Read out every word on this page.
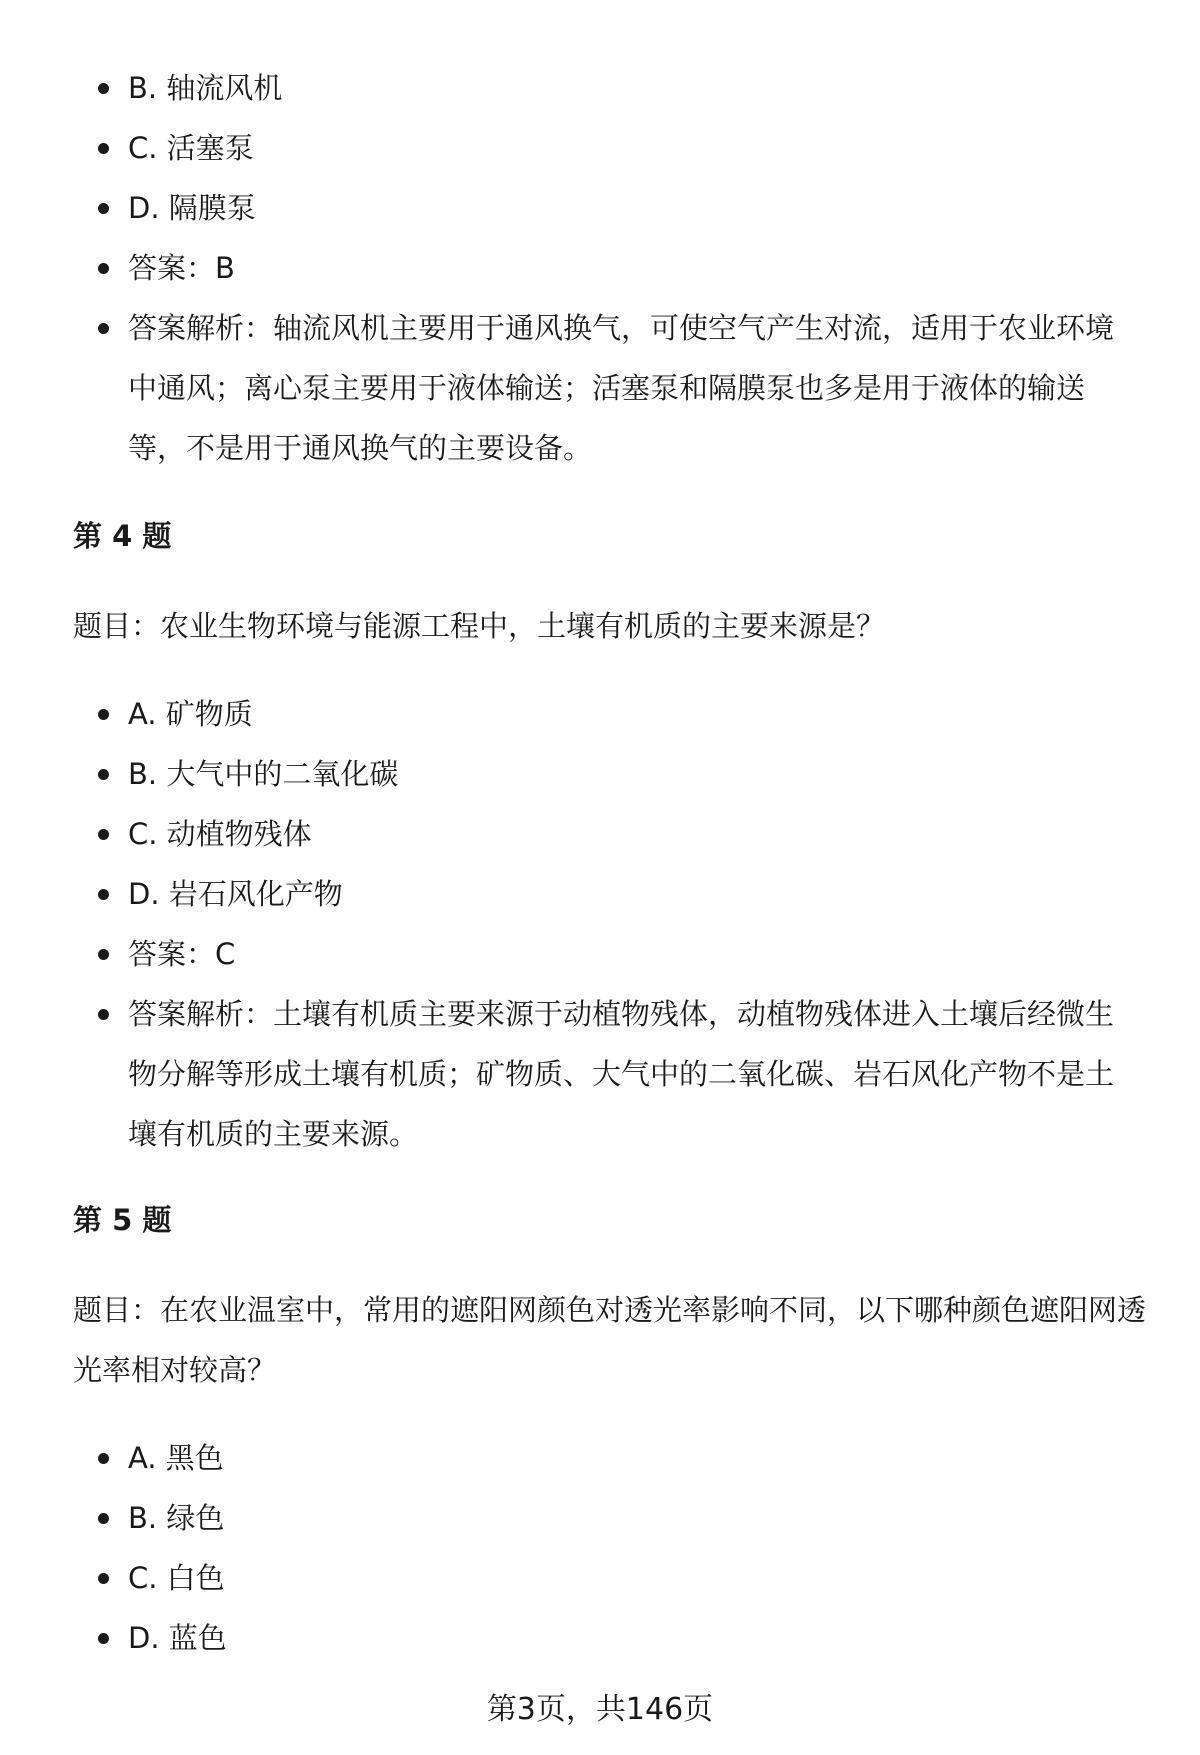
B. 轴流风机
C. 活塞泵
D. 隔膜泵
答案：B
答案解析：轴流风机主要用于通风换气，可使空气产生对流，适用于农业环境中通风；离心泵主要用于液体输送；活塞泵和隔膜泵也多是用于液体的输送等，不是用于通风换气的主要设备。
第 4 题
题目：农业生物环境与能源工程中，土壤有机质的主要来源是？
A. 矿物质
B. 大气中的二氧化碳
C. 动植物残体
D. 岩石风化产物
答案：C
答案解析：土壤有机质主要来源于动植物残体，动植物残体进入土壤后经微生物分解等形成土壤有机质；矿物质、大气中的二氧化碳、岩石风化产物不是土壤有机质的主要来源。
第 5 题
题目：在农业温室中，常用的遮阳网颜色对透光率影响不同，以下哪种颜色遮阳网透光率相对较高？
A. 黑色
B. 绿色
C. 白色
D. 蓝色
第3页，共146页
